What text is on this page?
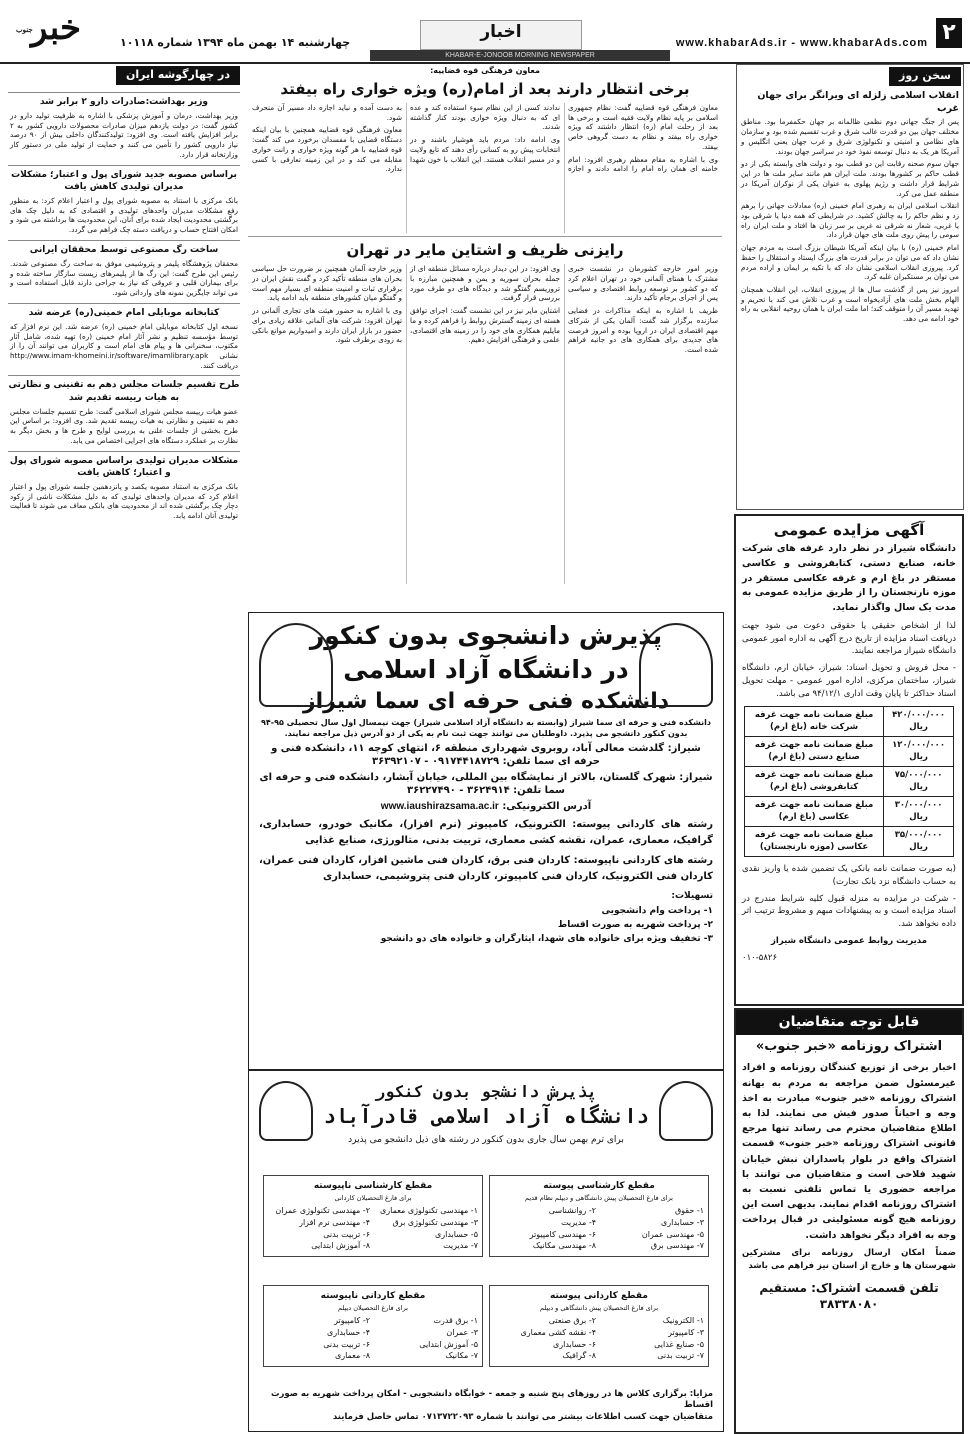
۲
www.khabarAds.ir - www.khabarAds.com
اخبار
چهارشنبه ۱۴ بهمن ماه ۱۳۹۴ شماره ۱۰۱۱۸
خبر
جنوب
KHABAR-E-JONOOB MORNING NEWSPAPER
سخن روز
انقلاب اسلامی زلزله ای ویرانگر برای جهان غرب

پس از جنگ جهانی دوم نظمی ظالمانه بر جهان حکمفرما بود. مناطق مختلف جهان بین دو قدرت غالب شرق و غرب تقسیم شده بود و سازمان های نظامی و امنیتی و تکنولوژی شرق و غرب جهان یعنی انگلیس و آمریکا هر یک به دنبال توسعه نفوذ خود در سراسر جهان بودند.

جهان سوم صحنه رقابت این دو قطب بود و دولت های وابسته یکی از دو قطب حاکم بر کشورها بودند. ملت ایران هم مانند سایر ملت ها در این شرایط قرار داشت و رژیم پهلوی به عنوان یکی از نوکران آمریکا در منطقه عمل می کرد.

انقلاب اسلامی ایران به رهبری امام خمینی (ره) معادلات جهانی را برهم زد و نظم حاکم را به چالش کشید. در شرایطی که همه دنیا یا شرقی بود یا غربی، شعار نه شرقی نه غربی بر سر زبان ها افتاد و ملت ایران راه سومی را پیش روی ملت های جهان قرار داد.

امام خمینی (ره) با بیان اینکه آمریکا شیطان بزرگ است به مردم جهان نشان داد که می توان در برابر قدرت های بزرگ ایستاد و استقلال را حفظ کرد. پیروزی انقلاب اسلامی نشان داد که با تکیه بر ایمان و اراده مردم می توان بر مستکبران غلبه کرد.

امروز نیز پس از گذشت سال ها از پیروزی انقلاب، این انقلاب همچنان الهام بخش ملت های آزادیخواه است و غرب تلاش می کند با تحریم و تهدید مسیر آن را متوقف کند؛ اما ملت ایران با همان روحیه انقلابی به راه خود ادامه می دهد.

معاون فرهنگی قوه قضاییه:
برخی انتظار دارند بعد از امام(ره) ویژه خواری راه بیفتد

معاون فرهنگی قوه قضاییه گفت: نظام جمهوری اسلامی بر پایه نظام ولایت فقیه است و برخی ها بعد از رحلت امام (ره) انتظار داشتند که ویژه خواری راه بیفتد و نظام به دست گروهی خاص بیفتد.

وی با اشاره به مقام معظم رهبری افزود: امام خامنه ای همان راه امام را ادامه دادند و اجازه ندادند کسی از این نظام سوء استفاده کند و عده ای که به دنبال ویژه خواری بودند کنار گذاشته شدند.

وی ادامه داد: مردم باید هوشیار باشند و در انتخابات پیش رو به کسانی رأی دهند که تابع ولایت و در مسیر انقلاب هستند. این انقلاب با خون شهدا به دست آمده و نباید اجازه داد مسیر آن منحرف شود.

معاون فرهنگی قوه قضاییه همچنین با بیان اینکه دستگاه قضایی با مفسدان برخورد می کند گفت: قوه قضاییه با هر گونه ویژه خواری و رانت خواری مقابله می کند و در این زمینه تعارفی با کسی ندارد.

رایزنی ظریف و اشتاین مایر در تهران

وزیر امور خارجه کشورمان در نشست خبری مشترک با همتای آلمانی خود در تهران اعلام کرد که دو کشور بر توسعه روابط اقتصادی و سیاسی پس از اجرای برجام تأکید دارند.

ظریف با اشاره به اینکه مذاکرات در فضایی سازنده برگزار شد گفت: آلمان یکی از شرکای مهم اقتصادی ایران در اروپا بوده و امروز فرصت های جدیدی برای همکاری های دو جانبه فراهم شده است.

وی افزود: در این دیدار درباره مسائل منطقه ای از جمله بحران سوریه و یمن و همچنین مبارزه با تروریسم گفتگو شد و دیدگاه های دو طرف مورد بررسی قرار گرفت.

اشتاین مایر نیز در این نشست گفت: اجرای توافق هسته ای زمینه گسترش روابط را فراهم کرده و ما مایلیم همکاری های خود را در زمینه های اقتصادی، علمی و فرهنگی افزایش دهیم.

وزیر خارجه آلمان همچنین بر ضرورت حل سیاسی بحران های منطقه تأکید کرد و گفت نقش ایران در برقراری ثبات و امنیت منطقه ای بسیار مهم است و گفتگو میان کشورهای منطقه باید ادامه یابد.

وی با اشاره به حضور هیئت های تجاری آلمانی در تهران افزود: شرکت های آلمانی علاقه زیادی برای حضور در بازار ایران دارند و امیدواریم موانع بانکی به زودی برطرف شود.

در چهارگوشه ایران
وزیر بهداشت:صادرات دارو ۲ برابر شد
وزیر بهداشت، درمان و آموزش پزشکی با اشاره به ظرفیت تولید دارو در کشور گفت: در دولت یازدهم میزان صادرات محصولات دارویی کشور به ۲ برابر افزایش یافته است. وی افزود: تولیدکنندگان داخلی بیش از ۹۰ درصد نیاز دارویی کشور را تأمین می کنند و حمایت از تولید ملی در دستور کار وزارتخانه قرار دارد.
براساس مصوبه جدید شورای پول و اعتبار؛ مشکلات مدیران تولیدی کاهش یافت
بانک مرکزی با استناد به مصوبه شورای پول و اعتبار اعلام کرد: به منظور رفع مشکلات مدیران واحدهای تولیدی و اقتصادی که به دلیل چک های برگشتی محدودیت ایجاد شده برای آنان، این محدودیت ها برداشته می شود و امکان افتتاح حساب و دریافت دسته چک فراهم می گردد.
ساخت رگ مصنوعی توسط محققان ایرانی
محققان پژوهشگاه پلیمر و پتروشیمی موفق به ساخت رگ مصنوعی شدند. رئیس این طرح گفت: این رگ ها از پلیمرهای زیست سازگار ساخته شده و برای بیماران قلبی و عروقی که نیاز به جراحی دارند قابل استفاده است و می تواند جایگزین نمونه های وارداتی شود.
کتابخانه موبایلی امام خمینی(ره) عرضه شد
نسخه اول کتابخانه موبایلی امام خمینی (ره) عرضه شد. این نرم افزار که توسط مؤسسه تنظیم و نشر آثار امام خمینی (ره) تهیه شده، شامل آثار مکتوب، سخنرانی ها و پیام های امام است و کاربران می توانند آن را از نشانی http://www.imam-khomeini.ir/software/imamlibrary.apk دریافت کنند.
طرح تقسیم جلسات مجلس دهم به تقنینی و نظارتی به هیات رییسه تقدیم شد
عضو هیات رییسه مجلس شورای اسلامی گفت: طرح تقسیم جلسات مجلس دهم به تقنینی و نظارتی به هیات رییسه تقدیم شد. وی افزود: بر اساس این طرح بخشی از جلسات علنی به بررسی لوایح و طرح ها و بخش دیگر به نظارت بر عملکرد دستگاه های اجرایی اختصاص می یابد.
مشکلات مدیران تولیدی براساس مصوبه شورای پول و اعتبار؛ کاهش یافت
بانک مرکزی به استناد مصوبه یکصد و پانزدهمین جلسه شورای پول و اعتبار اعلام کرد که مدیران واحدهای تولیدی که به دلیل مشکلات ناشی از رکود دچار چک برگشتی شده اند از محدودیت های بانکی معاف می شوند تا فعالیت تولیدی آنان ادامه یابد.
پذیرش دانشجوی بدون کنکور
در دانشگاه آزاد اسلامی
دانشکده فنی حرفه ای سما شیراز
دانشکده فنی و حرفه ای سما شیراز (وابسته به دانشگاه آزاد اسلامی شیراز) جهت نیمسال اول سال تحصیلی ۹۵-۹۴ بدون کنکور دانشجو می پذیرد. داوطلبان می توانند جهت ثبت نام به یکی از دو آدرس ذیل مراجعه نمایند.
شیراز: گلدشت معالی آباد، روبروی شهرداری منطقه ۶، انتهای کوچه ۱۱، دانشکده فنی و حرفه ای سما تلفن: ۰۹۱۷۴۴۱۸۷۲۹ - ۳۶۳۹۲۱۰۷
شیراز: شهرک گلستان، بالاتر از نمایشگاه بین المللی، خیابان آبشار، دانشکده فنی و حرفه ای سما تلفن: ۳۶۲۴۹۱۴ - ۳۶۲۲۷۴۹۰
آدرس الکترونیکی: www.iaushirazsama.ac.ir
رشته های کاردانی پیوسته: الکترونیک، کامپیوتر (نرم افزار)، مکانیک خودرو، حسابداری، گرافیک، معماری، عمران، نقشه کشی معماری، تربیت بدنی، متالورژی، صنایع غذایی
رشته های کاردانی ناپیوسته: کاردان فنی برق، کاردان فنی ماشین افزار، کاردان فنی عمران، کاردان فنی الکترونیک، کاردان فنی کامپیوتر، کاردان فنی پتروشیمی، حسابداری
تسهیلات:
۱- پرداخت وام دانشجویی
۲- پرداخت شهریه به صورت اقساط
۳- تخفیف ویژه برای خانواده های شهدا، ایثارگران و خانواده های دو دانشجو
پذیرش دانشجو بدون کنکور
دانشگاه آزاد اسلامی قادرآباد
برای ترم بهمن سال جاری بدون کنکور در رشته های ذیل دانشجو می پذیرد
مقطع کارشناسی پیوسته
برای فارغ التحصیلان پیش دانشگاهی و دیپلم نظام قدیم
۱- حقوق
۲- روانشناسی
۳- حسابداری
۴- مدیریت
۵- مهندسی عمران
۶- مهندسی کامپیوتر
۷- مهندسی برق
۸- مهندسی مکانیک
مقطع کارشناسی ناپیوسته
برای فارغ التحصیلان کاردانی
۱- مهندسی تکنولوژی معماری
۲- مهندسی تکنولوژی عمران
۳- مهندسی تکنولوژی برق
۴- مهندسی نرم افزار
۵- حسابداری
۶- تربیت بدنی
۷- مدیریت
۸- آموزش ابتدایی
مقطع کاردانی پیوسته
برای فارغ التحصیلان پیش دانشگاهی و دیپلم
۱- الکترونیک
۲- برق صنعتی
۳- کامپیوتر
۴- نقشه کشی معماری
۵- صنایع غذایی
۶- حسابداری
۷- تربیت بدنی
۸- گرافیک
مقطع کاردانی ناپیوسته
برای فارغ التحصیلان دیپلم
۱- برق قدرت
۲- کامپیوتر
۳- عمران
۴- حسابداری
۵- آموزش ابتدایی
۶- تربیت بدنی
۷- مکانیک
۸- معماری
مزایا: برگزاری کلاس ها در روزهای پنج شنبه و جمعه - خوابگاه دانشجویی - امکان پرداخت شهریه به صورت اقساط
متقاضیان جهت کسب اطلاعات بیشتر می توانند با شماره ۰۷۱۳۷۲۲۰۹۳ تماس حاصل فرمایند
آگهی مزایده عمومی
دانشگاه شیراز در نظر دارد غرفه های شرکت خانه، صنایع دستی، کتابفروشی و عکاسی مستقر در باغ ارم و غرفه عکاسی مستقر در موزه نارنجستان را از طریق مزایده عمومی به مدت یک سال واگذار نماید.
لذا از اشخاص حقیقی یا حقوقی دعوت می شود جهت دریافت اسناد مزایده از تاریخ درج آگهی به اداره امور عمومی دانشگاه شیراز مراجعه نمایند.
- محل فروش و تحویل اسناد: شیراز، خیابان ارم، دانشگاه شیراز، ساختمان مرکزی، اداره امور عمومی - مهلت تحویل اسناد حداکثر تا پایان وقت اداری ۹۴/۱۲/۱ می باشد.
۴۲۰/۰۰۰/۰۰۰ ریال	مبلغ ضمانت نامه جهت غرفه شرکت خانه (باغ ارم)
۱۲۰/۰۰۰/۰۰۰ ریال	مبلغ ضمانت نامه جهت غرفه صنایع دستی (باغ ارم)
۷۵/۰۰۰/۰۰۰ ریال	مبلغ ضمانت نامه جهت غرفه کتابفروشی (باغ ارم)
۳۰/۰۰۰/۰۰۰ ریال	مبلغ ضمانت نامه جهت غرفه عکاسی (باغ ارم)
۳۵/۰۰۰/۰۰۰ ریال	مبلغ ضمانت نامه جهت غرفه عکاسی (موزه نارنجستان)
(به صورت ضمانت نامه بانکی یک تضمین شده یا واریز نقدی به حساب دانشگاه نزد بانک تجارت)
- شرکت در مزایده به منزله قبول کلیه شرایط مندرج در اسناد مزایده است و به پیشنهادات مبهم و مشروط ترتیب اثر داده نخواهد شد.
مدیریت روابط عمومی دانشگاه شیراز
۰۱۰-۵۸۲۶
قابل توجه متقاضیان
اشتراک روزنامه «خبر جنوب»
اخبار برخی از توزیع کنندگان روزنامه و افراد غیرمسئول ضمن مراجعه به مردم به بهانه اشتراک روزنامه «خبر جنوب» مبادرت به اخذ وجه و احیاناً صدور فیش می نمایند. لذا به اطلاع متقاضیان محترم می رساند تنها مرجع قانونی اشتراک روزنامه «خبر جنوب» قسمت اشتراک واقع در بلوار پاسداران نبش خیابان شهید فلاحی است و متقاضیان می توانند با مراجعه حضوری یا تماس تلفنی نسبت به اشتراک روزنامه اقدام نمایند. بدیهی است این روزنامه هیچ گونه مسئولیتی در قبال پرداخت وجه به افراد دیگر نخواهد داشت.
ضمناً امکان ارسال روزنامه برای مشترکین شهرستان ها و خارج از استان نیز فراهم می باشد
تلفن قسمت اشتراک: مستقیم ۳۸۳۳۸۰۸۰
